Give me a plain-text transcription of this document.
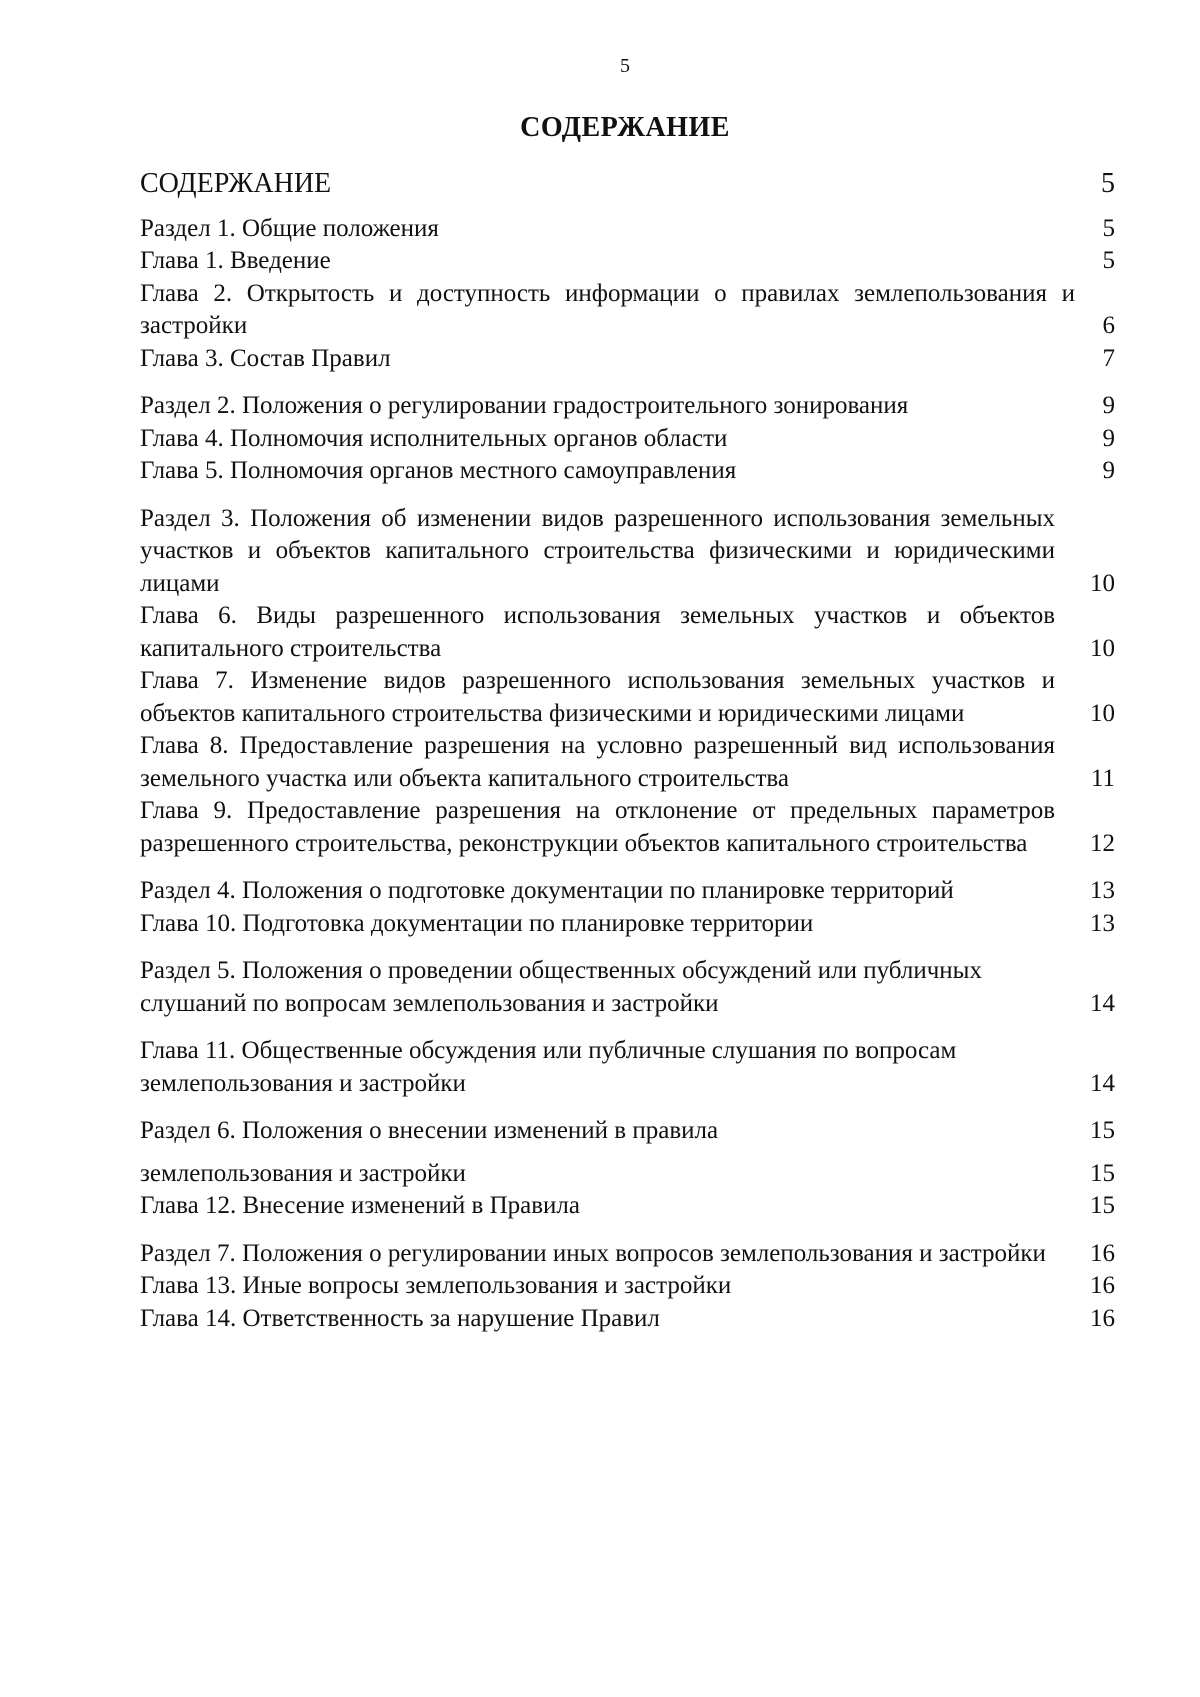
5
СОДЕРЖАНИЕ
СОДЕРЖАНИЕ	5
Раздел 1. Общие положения	5
Глава 1. Введение	5
Глава 2. Открытость и доступность информации о правилах землепользования и застройки	6
Глава 3. Состав Правил	7
Раздел 2. Положения о регулировании градостроительного зонирования	9
Глава 4. Полномочия исполнительных органов области	9
Глава 5. Полномочия органов местного самоуправления	9
Раздел 3. Положения об изменении видов разрешенного использования земельных участков и объектов капитального строительства физическими и юридическими лицами	10
Глава 6. Виды разрешенного использования земельных участков и объектов капитального строительства	10
Глава 7. Изменение видов разрешенного использования земельных участков и объектов капитального строительства физическими и юридическими лицами	10
Глава 8. Предоставление разрешения на условно разрешенный вид использования земельного участка или объекта капитального строительства	11
Глава 9. Предоставление разрешения на отклонение от предельных параметров разрешенного строительства, реконструкции объектов капитального строительства	12
Раздел 4. Положения о подготовке документации по планировке территорий	13
Глава 10. Подготовка документации по планировке территории	13
Раздел 5. Положения о проведении общественных обсуждений или публичных слушаний по вопросам землепользования и застройки	14
Глава 11. Общественные обсуждения или публичные слушания по вопросам землепользования и застройки	14
Раздел 6. Положения о внесении изменений в правила	15
землепользования и застройки	15
Глава 12. Внесение изменений в Правила	15
Раздел 7. Положения о регулировании иных вопросов землепользования и застройки	16
Глава 13. Иные вопросы землепользования и застройки	16
Глава 14. Ответственность за нарушение Правил	16
